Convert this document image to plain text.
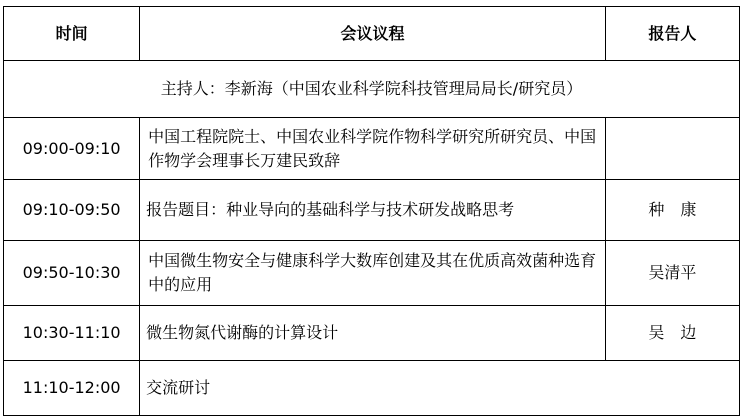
时间	会议议程	报告人
主持人：李新海（中国农业科学院科技管理局局长/研究员）		
09:00-09:10	中国工程院院士、中国农业科学院作物科学研究所研究员、中国作物学会理事长万建民致辞	
09:10-09:50	报告题目：种业导向的基础科学与技术研发战略思考	种　康
09:50-10:30	中国微生物安全与健康科学大数库创建及其在优质高效菌种选育中的应用	吴清平
10:30-11:10	微生物氮代谢酶的计算设计	吴　边
11:10-12:00	交流研讨	
